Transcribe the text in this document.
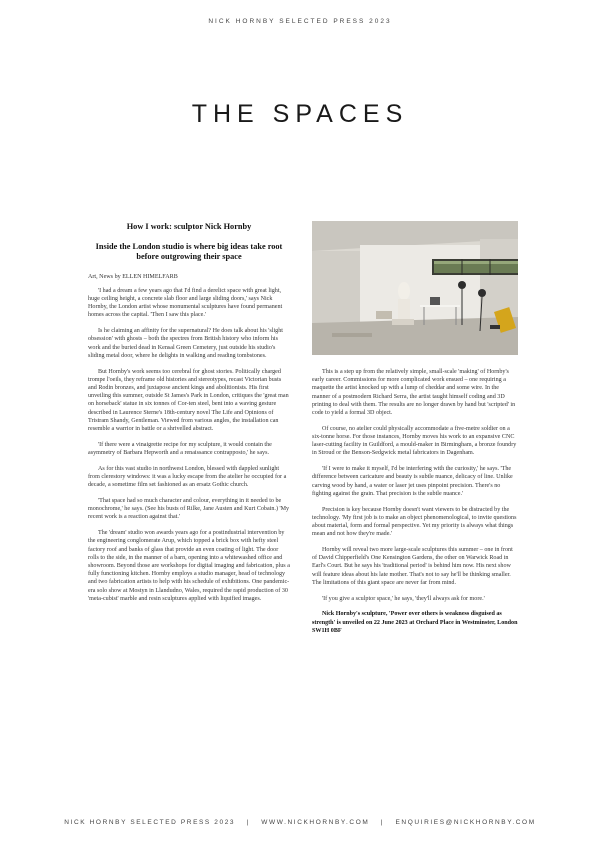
NICK HORNBY SELECTED PRESS 2023
THE SPACES
How I work: sculptor Nick Hornby
Inside the London studio is where big ideas take root before outgrowing their space
Art, News by ELLEN HIMELFARB

'I had a dream a few years ago that I'd find a derelict space with great light, huge ceiling height, a concrete slab floor and large sliding doors,' says Nick Hornby, the London artist whose monumental sculptures have found permanent homes across the capital. 'Then I saw this place.'

Is he claiming an affinity for the supernatural? He does talk about his 'slight obsession' with ghosts – both the spectres from British history who inform his work and the buried dead in Kensal Green Cemetery, just outside his studio's sliding metal door, where he delights in walking and reading tombstones.

But Hornby's work seems too cerebral for ghost stories. Politically charged trompe l'oeils, they reframe old histories and stereotypes, recast Victorian busts and Rodin bronzes, and juxtapose ancient kings and abolitionists. His first unveiling this summer, outside St James's Park in London, critiques the 'great man on horseback' statue in six tonnes of Cor-ten steel, bent into a waving gesture described in Laurence Sterne's 18th-century novel The Life and Opinions of Tristram Shandy, Gentleman. Viewed from various angles, the installation can resemble a warrior in battle or a shrivelled abstract.

'If there were a vinaigrette recipe for my sculpture, it would contain the asymmetry of Barbara Hepworth and a renaissance contrapposto,' he says.

As for this vast studio in northwest London, blessed with dappled sunlight from clerestory windows: it was a lucky escape from the atelier he occupied for a decade, a sometime film set fashioned as an ersatz Gothic church.

'That space had so much character and colour, everything in it needed to be monochrome,' he says. (See his busts of Rilke, Jane Austen and Kurt Cobain.) 'My recent work is a reaction against that.'

The 'dream' studio won awards years ago for a postindustrial intervention by the engineering conglomerate Arup, which topped a brick box with hefty steel factory roof and banks of glass that provide an even coating of light. The door rolls to the side, in the manner of a barn, opening into a whitewashed office and showroom. Beyond those are workshops for digital imaging and fabrication, plus a fully functioning kitchen. Hornby employs a studio manager, head of technology and two fabrication artists to help with his schedule of exhibitions. One pandemic-era solo show at Mostyn in Llandudno, Wales, required the rapid production of 30 'meta-cubist' marble and resin sculptures applied with liquified images.

This is a step up from the relatively simple, small-scale 'making' of Hornby's early career. Commissions for more complicated work ensued – one requiring a maquette the artist knocked up with a lump of cheddar and some wire. In the manner of a postmodern Richard Serra, the artist taught himself coding and 3D printing to deal with them. The results are no longer drawn by hand but 'scripted' in code to yield a formal 3D object.

Of course, no atelier could physically accommodate a five-metre soldier on a six-tonne horse. For those instances, Hornby moves his work to an expansive CNC laser-cutting facility in Guildford, a mould-maker in Birmingham, a bronze foundry in Stroud or the Benson-Sedgwick metal fabricators in Dagenham.

'If I were to make it myself, I'd be interfering with the curiosity,' he says. 'The difference between caricature and beauty is subtle nuance, delicacy of line. Unlike carving wood by hand, a water or laser jet uses pinpoint precision. There's no fighting against the grain. That precision is the subtle nuance.'

Precision is key because Hornby doesn't want viewers to be distracted by the technology. 'My first job is to make an object phenomenological, to invite questions about material, form and formal perspective. Yet my priority is always what things mean and not how they're made.'

Hornby will reveal two more large-scale sculptures this summer – one in front of David Chipperfield's One Kensington Gardens, the other on Warwick Road in Earl's Court. But he says his 'traditional period' is behind him now. His next show will feature ideas about his late mother. That's not to say he'll be thinking smaller. The limitations of this giant space are never far from mind.

'If you give a sculptor space,' he says, 'they'll always ask for more.'

Nick Hornby's sculpture, 'Power over others is weakness disguised as strength' is unveiled on 22 June 2023 at Orchard Place in Westminster, London SW1H 0BF

NICK HORNBY SELECTED PRESS 2023 | WWW.NICKHORNBY.COM | ENQUIRIES@NICKHORNBY.COM
